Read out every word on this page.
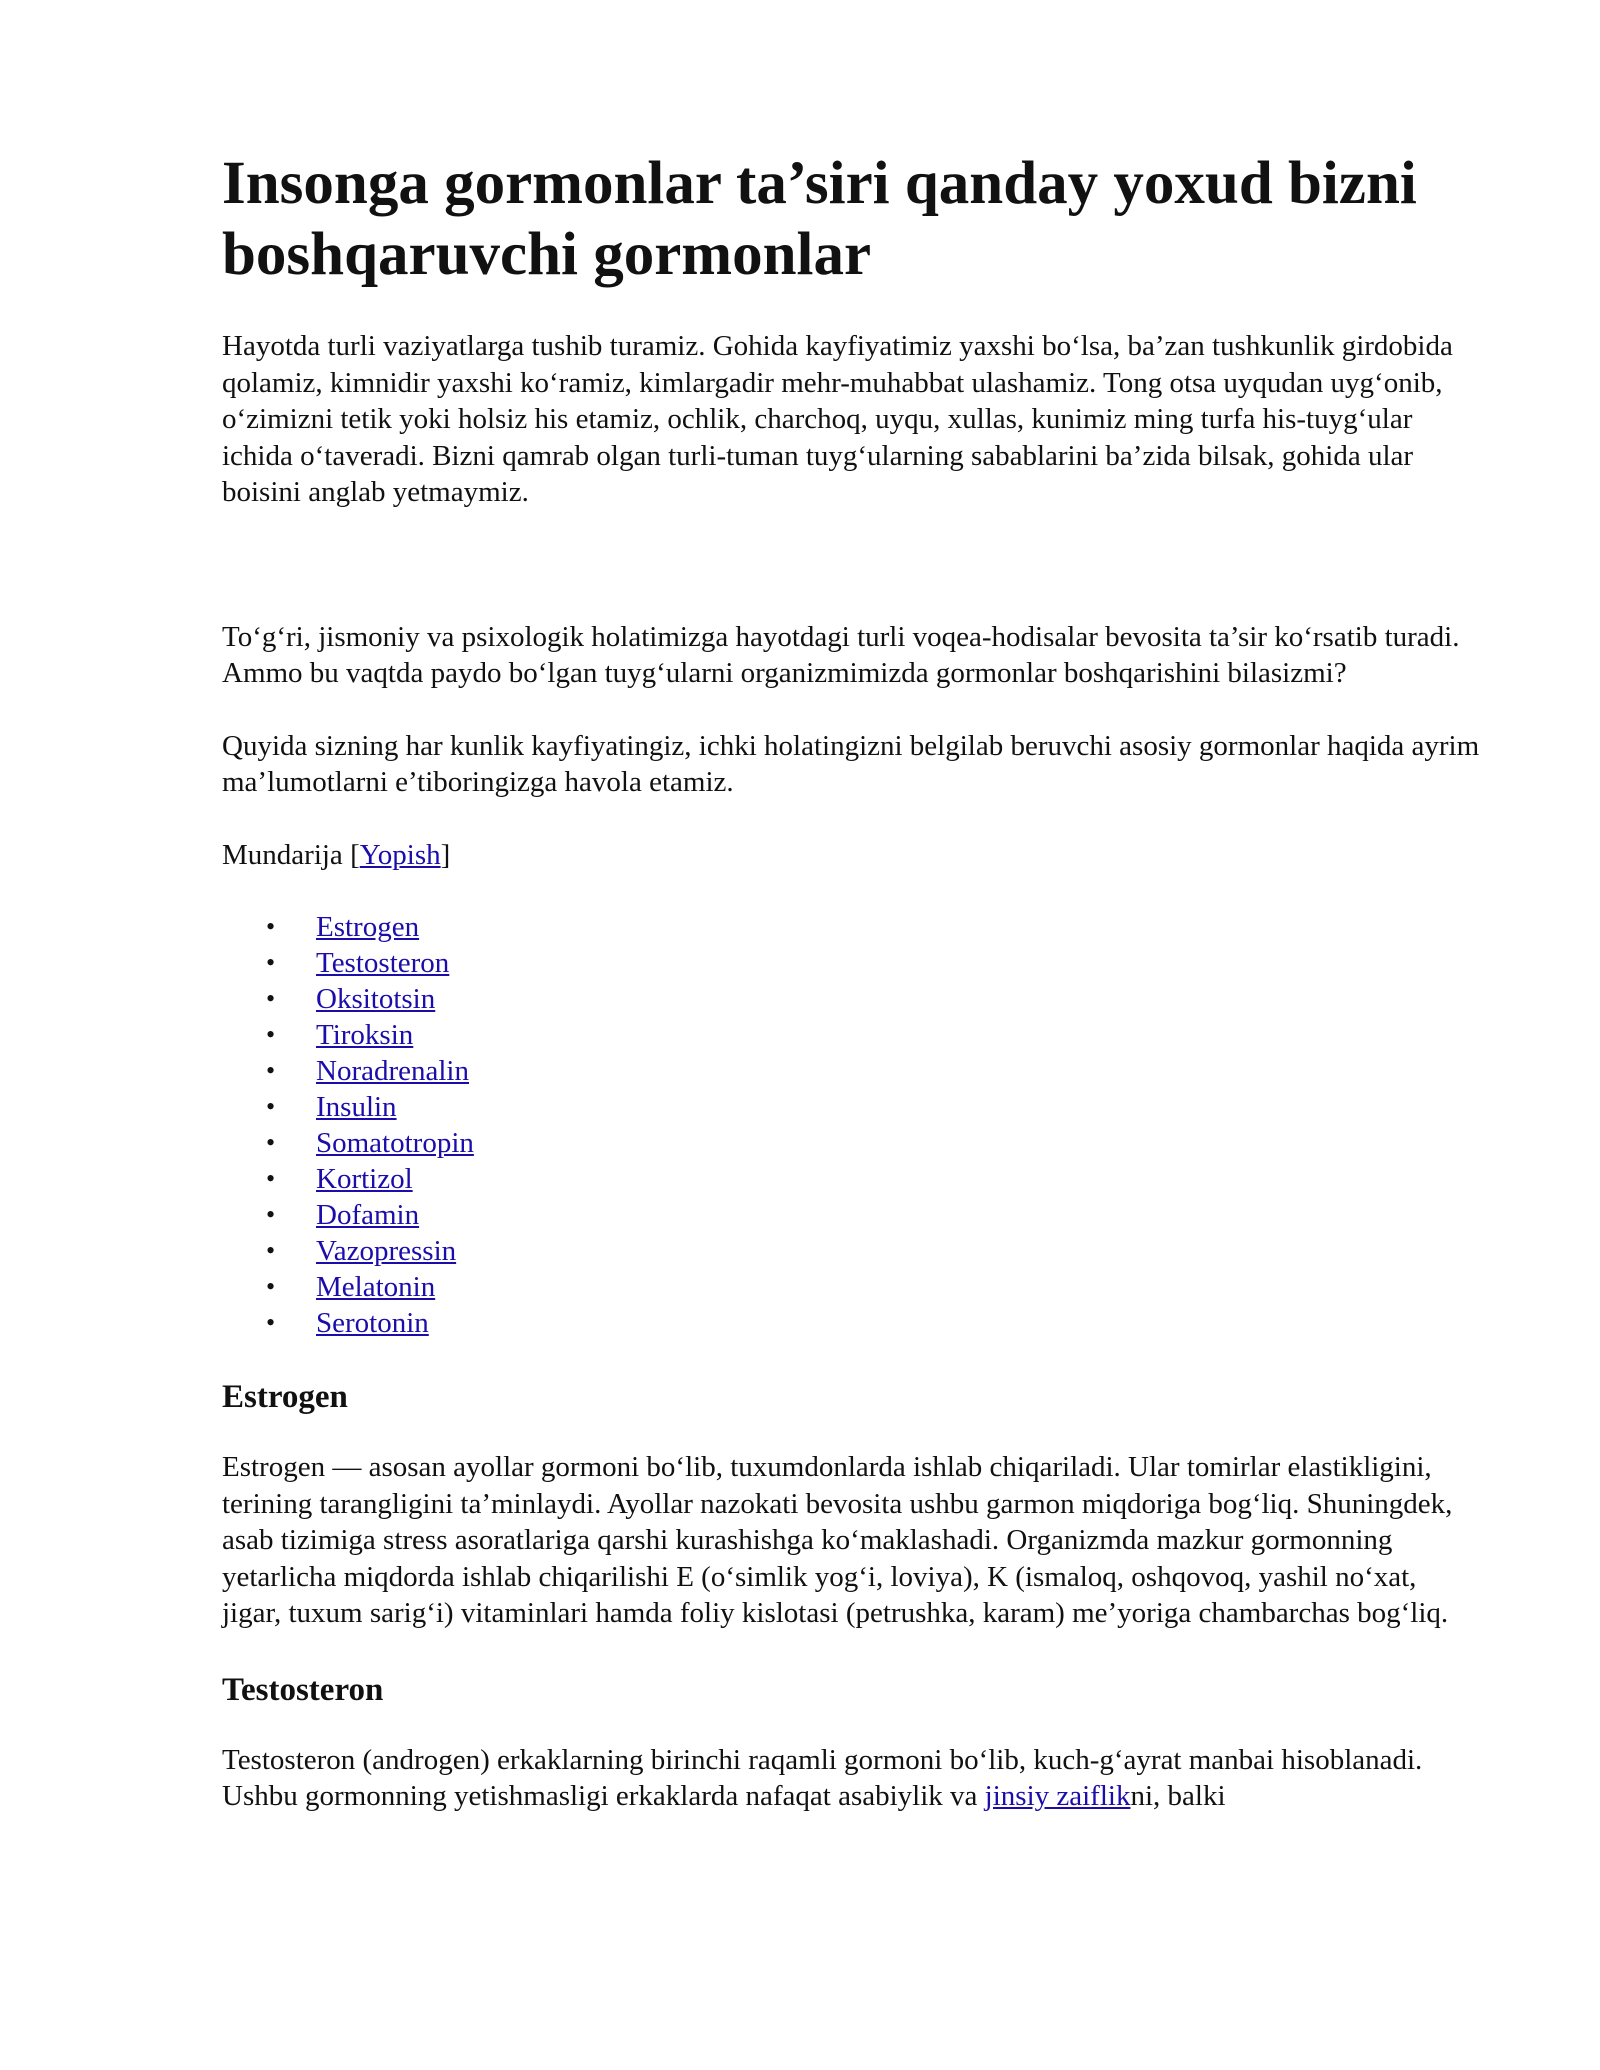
Insonga gormonlar ta’siri qanday yoxud bizni boshqaruvchi gormonlar

Hayotda turli vaziyatlarga tushib turamiz. Gohida kayfiyatimiz yaxshi bo‘lsa, ba’zan tushkunlik girdobida qolamiz, kimnidir yaxshi ko‘ramiz, kimlargadir mehr-muhabbat ulashamiz. Tong otsa uyqudan uyg‘onib, o‘zimizni tetik yoki holsiz his etamiz, ochlik, charchoq, uyqu, xullas, kunimiz ming turfa his-tuyg‘ular ichida o‘taveradi. Bizni qamrab olgan turli-tuman tuyg‘ularning sabablarini ba’zida bilsak, gohida ular boisini anglab yetmaymiz.

To‘g‘ri, jismoniy va psixologik holatimizga hayotdagi turli voqea-hodisalar bevosita ta’sir ko‘rsatib turadi. Ammo bu vaqtda paydo bo‘lgan tuyg‘ularni organizmimizda gormonlar boshqarishini bilasizmi?

Quyida sizning har kunlik kayfiyatingiz, ichki holatingizni belgilab beruvchi asosiy gormonlar haqida ayrim ma’lumotlarni e’tiboringizga havola etamiz.

Mundarija [Yopish]

• Estrogen
• Testosteron
• Oksitotsin
• Tiroksin
• Noradrenalin
• Insulin
• Somatotropin
• Kortizol
• Dofamin
• Vazopressin
• Melatonin
• Serotonin
Estrogen

Estrogen — asosan ayollar gormoni bo‘lib, tuxumdonlarda ishlab chiqariladi. Ular tomirlar elastikligini, terining tarangligini ta’minlaydi. Ayollar nazokati bevosita ushbu garmon miqdoriga bog‘liq. Shuningdek, asab tizimiga stress asoratlariga qarshi kurashishga ko‘maklashadi. Organizmda mazkur gormonning yetarlicha miqdorda ishlab chiqarilishi E (o‘simlik yog‘i, loviya), K (ismaloq, oshqovoq, yashil no‘xat, jigar, tuxum sarig‘i) vitaminlari hamda foliy kislotasi (petrushka, karam) me’yoriga chambarchas bog‘liq.

Testosteron

Testosteron (androgen) erkaklarning birinchi raqamli gormoni bo‘lib, kuch-g‘ayrat manbai hisoblanadi. Ushbu gormonning yetishmasligi erkaklarda nafaqat asabiylik va jinsiy zaiflikni, balki
